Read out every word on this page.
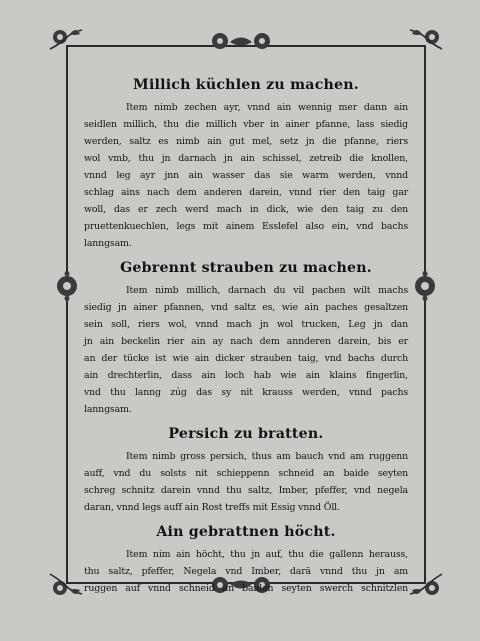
Millich küchlen zu machen.
Item nimb zechen ayr, vnnd ain wennig mer dann ain
seidlen millich, thu die millich vber in ainer pfanne, lass siedig
werden, saltz es nimb ain gut mel, setz jn die pfanne, riers
wol vmb, thu jn darnach jn ain schissel, zetreib die knollen,
vnnd leg ayr jnn ain wasser das sie warm werden, vnnd
schlag ains nach dem anderen darein, vnnd rier den taig gar
woll, das er zech werd mach in dick, wie den taig zu den
pruettenkuechlen, legs mit ainem Esslefel also ein, vnd bachs
lanngsam.
Gebrennt strauben zu machen.
Item nimb millich, darnach du vil pachen wilt machs
siedig jn ainer pfannen, vnd saltz es, wie ain paches gesaltzen
sein soll, riers wol, vnnd mach jn wol trucken, Leg jn dan
jn ain beckelin rier ain ay nach dem annderen darein, bis er
an der tücke ist wie ain dicker strauben taig, vnd bachs durch
ain drechterlin, dass ain loch hab wie ain klains fingerlin,
vnd thu lanng zúg das sy nit krauss werden, vnnd pachs
lanngsam.
Persich zu bratten.
Item nimb gross persich, thus am bauch vnd am ruggenn
auff, vnd du solsts nit schieppenn schneid an baide seyten
schreg schnitz darein vnnd thu saltz, Imber, pfeffer, vnd negela
daran, vnnd legs auff ain Rost treffs mit Essig vnnd Öll.
Ain gebrattnen höcht.
Item nim ain höcht, thu jn auf, thu die gallenn herauss,
thu saltz, pfeffer, Negela vnd Imber, darā vnnd thu jn am
ruggen auf vnnd schneid an baiden seyten swerch schnitzlen
